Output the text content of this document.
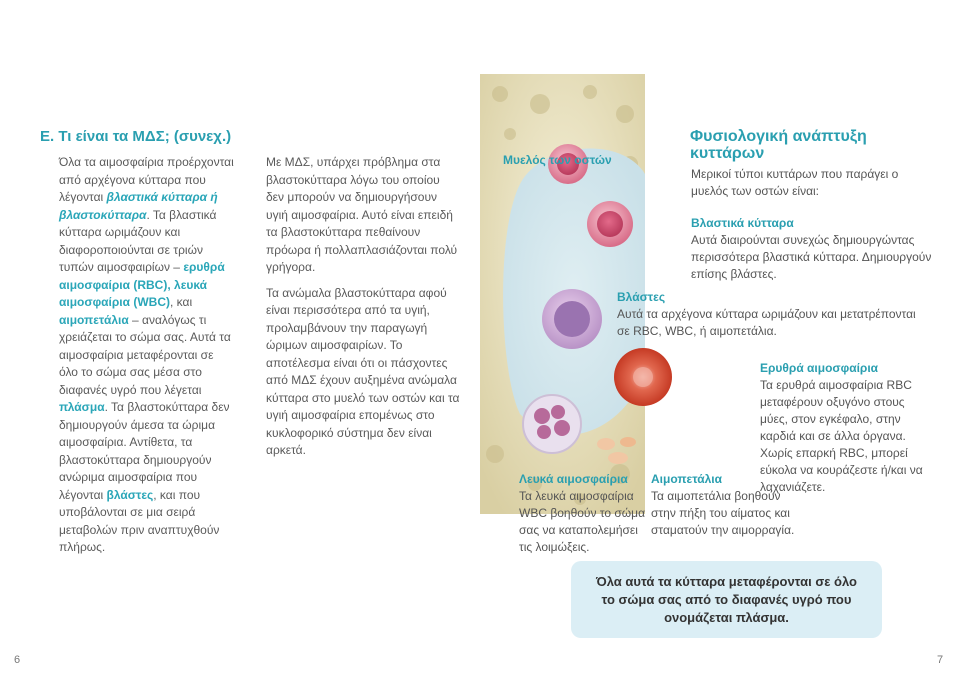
E. Τι είναι τα ΜΔΣ; (συνεχ.)
Όλα τα αιμοσφαίρια προέρχονται από αρχέγονα κύτταρα που λέγονται βλαστικά κύτταρα ή βλαστοκύτταρα. Τα βλαστικά κύτταρα ωριμάζουν και διαφοροποιούνται σε τριών τυπών αιμοσφαιρίων – ερυθρά αιμοσφαίρια (RBC), λευκά αιμοσφαίρια (WBC), και αιμοπετάλια – αναλόγως τι χρειάζεται το σώμα σας. Αυτά τα αιμοσφαίρια μεταφέρονται σε όλο το σώμα σας μέσα στο διαφανές υγρό που λέγεται πλάσμα. Τα βλαστοκύτταρα δεν δημιουργούν άμεσα τα ώριμα αιμοσφαίρια. Αντίθετα, τα βλαστοκύτταρα δημιουργούν ανώριμα αιμοσφαίρια που λέγονται βλάστες, και που υποβάλονται σε μια σειρά μεταβολών πριν αναπτυχθούν πλήρως.
Με ΜΔΣ, υπάρχει πρόβλημα στα βλαστοκύτταρα λόγω του οποίου δεν μπορούν να δημιουργήσουν υγιή αιμοσφαίρια. Αυτό είναι επειδή τα βλαστοκύτταρα πεθαίνουν πρόωρα ή πολλαπλασιάζονται πολύ γρήγορα.
Τα ανώμαλα βλαστοκύτταρα αφού είναι περισσότερα από τα υγιή, προλαμβάνουν την παραγωγή ώριμων αιμοσφαιρίων. Το αποτέλεσμα είναι ότι οι πάσχοντες από ΜΔΣ έχουν αυξημένα ανώμαλα κύτταρα στο μυελό των οστών και τα υγιή αιμοσφαίρια επομένως στο κυκλοφορικό σύστημα δεν είναι αρκετά.
Μυελός των οστών
Φυσιολογική ανάπτυξη κυττάρων
Μερικοί τύποι κυττάρων που παράγει ο μυελός των οστών είναι:
Βλαστικά κύτταρα
Αυτά διαιρούνται συνεχώς δημιουργώντας περισσότερα βλαστικά κύτταρα. Δημιουργούν επίσης βλάστες.
Βλάστες
Αυτά τα αρχέγονα κύτταρα ωριμάζουν και μετατρέπονται σε RBC, WBC, ή αιμοπετάλια.
Ερυθρά αιμοσφαίρια
Τα ερυθρά αιμοσφαίρια RBC μεταφέρουν οξυγόνο στους μύες, στον εγκέφαλο, στην καρδιά και σε άλλα όργανα. Χωρίς επαρκή RBC, μπορεί εύκολα να κουράζεστε ή/και να λαχανιάζετε.
Λευκά αιμοσφαίρια
Τα λευκά αιμοσφαίρια WBC βοηθούν το σώμα σας να καταπολεμήσει τις λοιμώξεις.
Αιμοπετάλια
Τα αιμοπετάλια βοηθούν στην πήξη του αίματος και σταματούν την αιμορραγία.
Όλα αυτά τα κύτταρα μεταφέρονται σε όλο το σώμα σας από το διαφανές υγρό που ονομάζεται πλάσμα.
6	7
